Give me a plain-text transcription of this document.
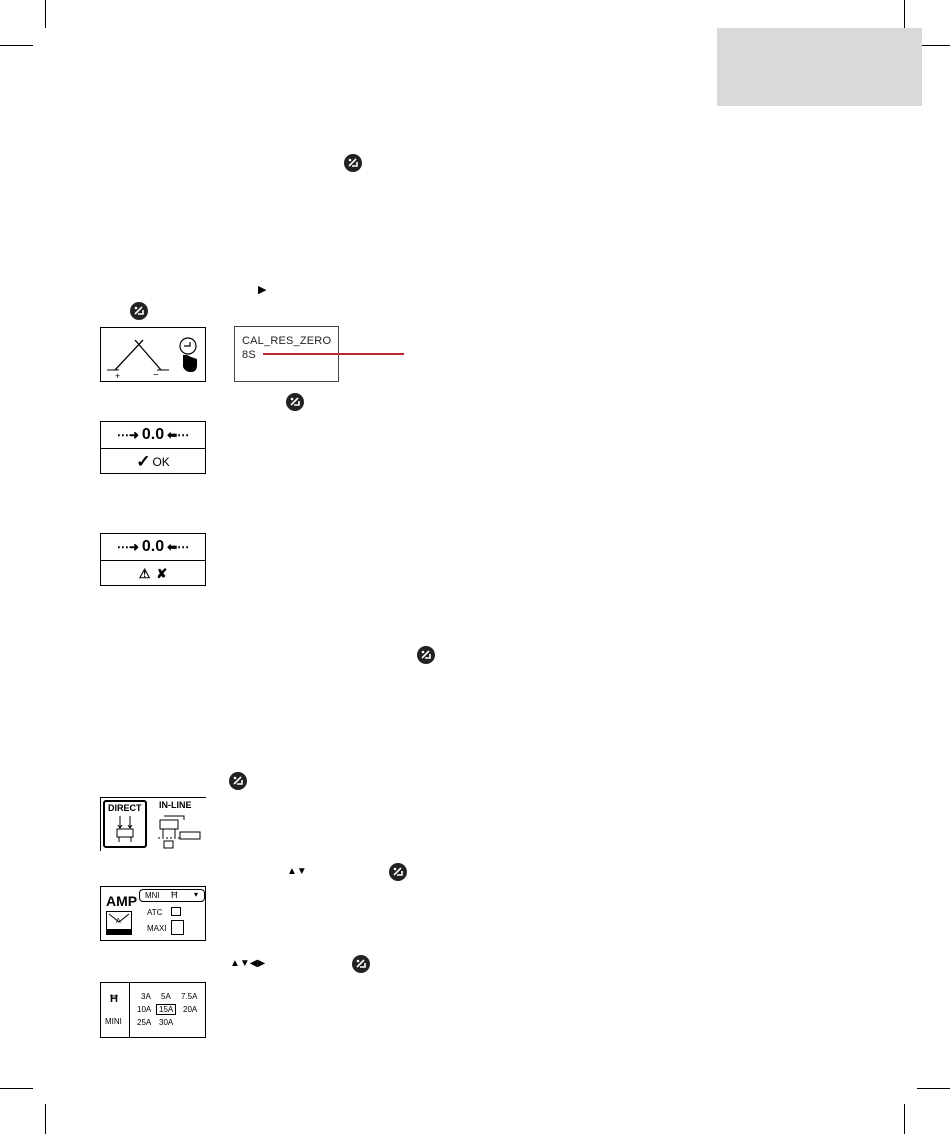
▶
+	−
CAL_RES_ZERO
8S
⋯➜ 0.0 ⬅⋯
✓ OK
⋯➜ 0.0 ⬅⋯
⚠ ✘
DIRECT IN-LINE
▲▼
▲▼◀▶
AMP
A
MNI Ħ ▾
ATC
MAXI
Ħ
MINI
3A 5A 7.5A
10A 15A	20A
25A 30A
